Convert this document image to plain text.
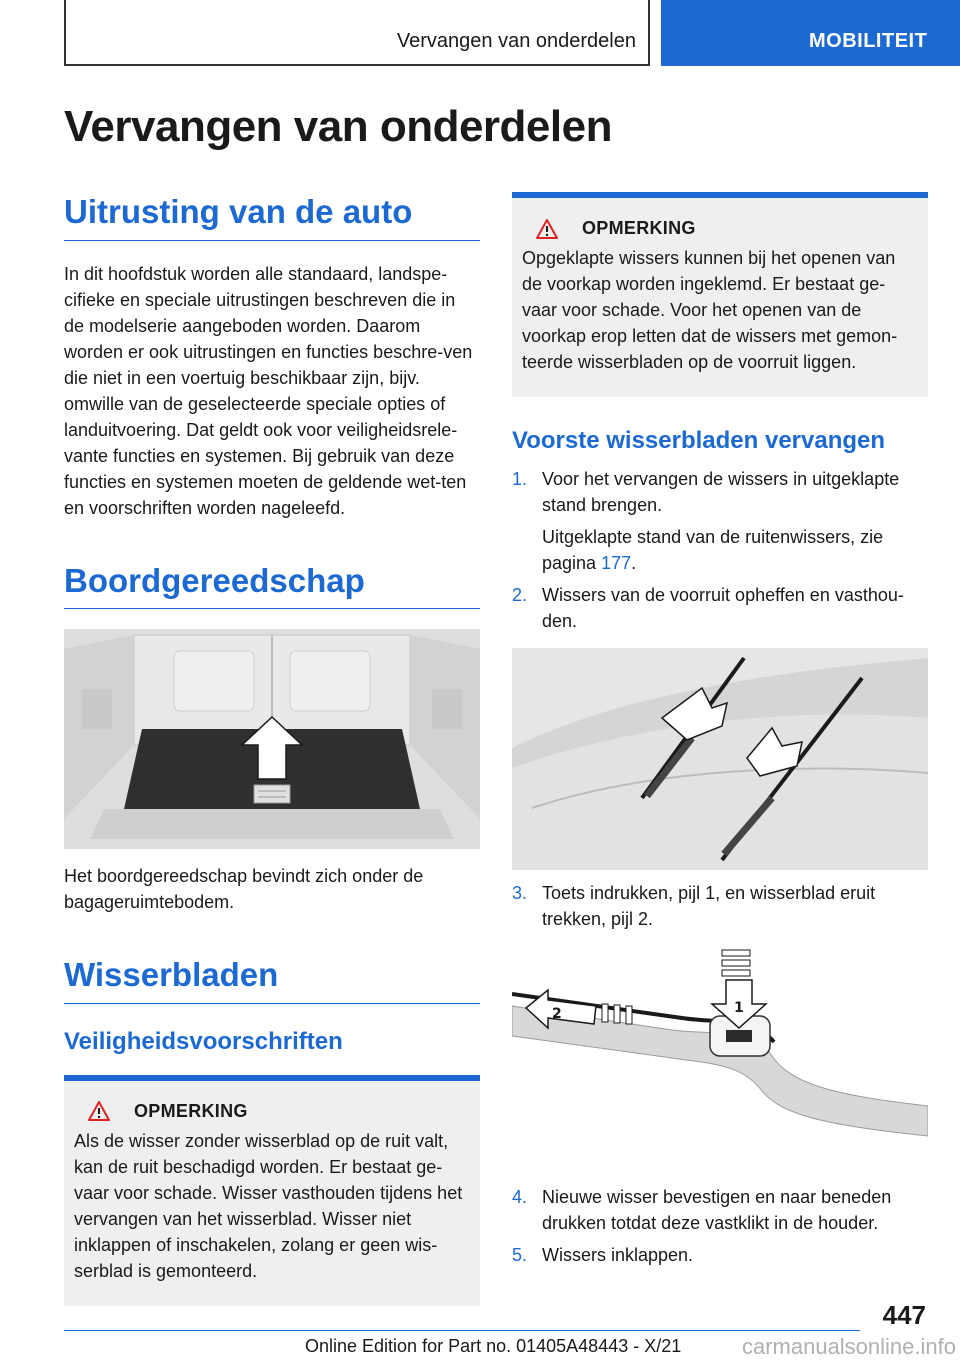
Vervangen van onderdelen	MOBILITEIT
Vervangen van onderdelen
Uitrusting van de auto

In dit hoofdstuk worden alle standaard, landspe-cifieke en speciale uitrustingen beschreven die in de modelserie aangeboden worden. Daarom worden er ook uitrustingen en functies beschre-ven die niet in een voertuig beschikbaar zijn, bijv. omwille van de geselecteerde speciale opties of landuitvoering. Dat geldt ook voor veiligheidsrele-vante functies en systemen. Bij gebruik van deze functies en systemen moeten de geldende wet-ten en voorschriften worden nageleefd.

Boordgereedschap

Het boordgereedschap bevindt zich onder de bagageruimtebodem.

Wisserbladen
Veiligheidsvoorschriften
OPMERKING

Als de wisser zonder wisserblad op de ruit valt, kan de ruit beschadigd worden. Er bestaat ge-vaar voor schade. Wisser vasthouden tijdens het vervangen van het wisserblad. Wisser niet inklappen of inschakelen, zolang er geen wis-serblad is gemonteerd.

OPMERKING

Opgeklapte wissers kunnen bij het openen van de voorkap worden ingeklemd. Er bestaat ge-vaar voor schade. Voor het openen van de voorkap erop letten dat de wissers met gemon-teerde wisserbladen op de voorruit liggen.

Voorste wisserbladen vervangen
1. Voor het vervangen de wissers in uitgeklapte stand brengen.

Uitgeklapte stand van de ruitenwissers, zie pagina 177.

2. Wissers van de voorruit opheffen en vasthou-den.

3. Toets indrukken, pijl 1, en wisserblad eruit trekken, pijl 2.

2	1
4. Nieuwe wisser bevestigen en naar beneden drukken totdat deze vastklikt in de houder.

5. Wissers inklappen.

447
Online Edition for Part no. 01405A48443 - X/21	carmanualsonline.info
